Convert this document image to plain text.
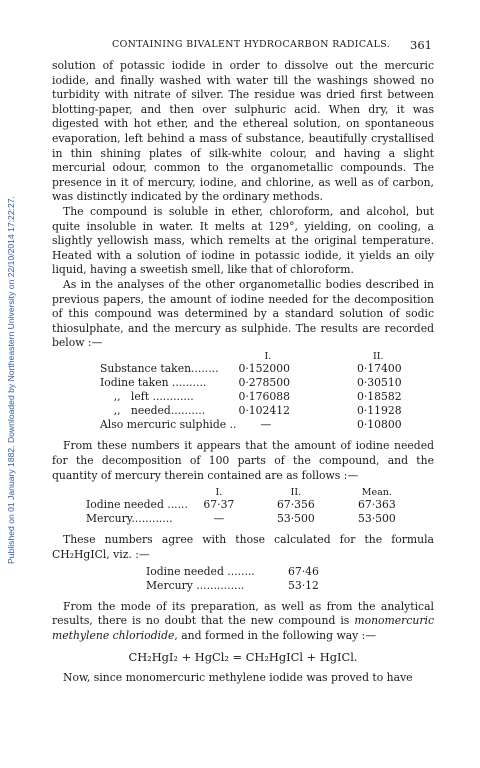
Published on 01 January 1882. Downloaded by Northeastern University on 22/10/2014 17:22:27.
CONTAINING BIVALENT HYDROCARBON RADICALS. 361

solution of potassic iodide in order to dissolve out the mercuric iodide, and finally washed with water till the washings showed no turbidity with nitrate of silver. The residue was dried first between blotting-paper, and then over sulphuric acid. When dry, it was digested with hot ether, and the ethereal solution, on spontaneous evaporation, left behind a mass of substance, beautifully crystallised in thin shining plates of silk-white colour, and having a slight mercurial odour, common to the organometallic compounds. The presence in it of mercury, iodine, and chlorine, as well as of carbon, was distinctly indicated by the ordinary methods.

The compound is soluble in ether, chloroform, and alcohol, but quite insoluble in water. It melts at 129°, yielding, on cooling, a slightly yellowish mass, which remelts at the original temperature. Heated with a solution of iodine in potassic iodide, it yields an oily liquid, having a sweetish smell, like that of chloroform.

As in the analyses of the other organometallic bodies described in previous papers, the amount of iodine needed for the decomposition of this compound was determined by a standard solution of sodic thiosulphate, and the mercury as sulphide. The results are recorded below :—

	I.	II.
Substance taken........	0·152000	0·17400
Iodine taken ..........	0·278500	0·30510
,,   left ............	0·176088	0·18582
,,   needed..........	0·102412	0·11928
Also mercuric sulphide ..	—	0·10800

From these numbers it appears that the amount of iodine needed for the decomposition of 100 parts of the compound, and the quantity of mercury therein contained are as follows :—

	I.	II.	Mean.
Iodine needed ......	67·37	67·356	67·363
Mercury............	—	53·500	53·500

These numbers agree with those calculated for the formula CH₂HgICl, viz. :—

Iodine needed ........	67·46
Mercury ..............	53·12

From the mode of its preparation, as well as from the analytical results, there is no doubt that the new compound is monomercuric methylene chloriodide, and formed in the following way :—

CH₂HgI₂ + HgCl₂ = CH₂HgICl + HgICl.

Now, since monomercuric methylene iodide was proved to have
